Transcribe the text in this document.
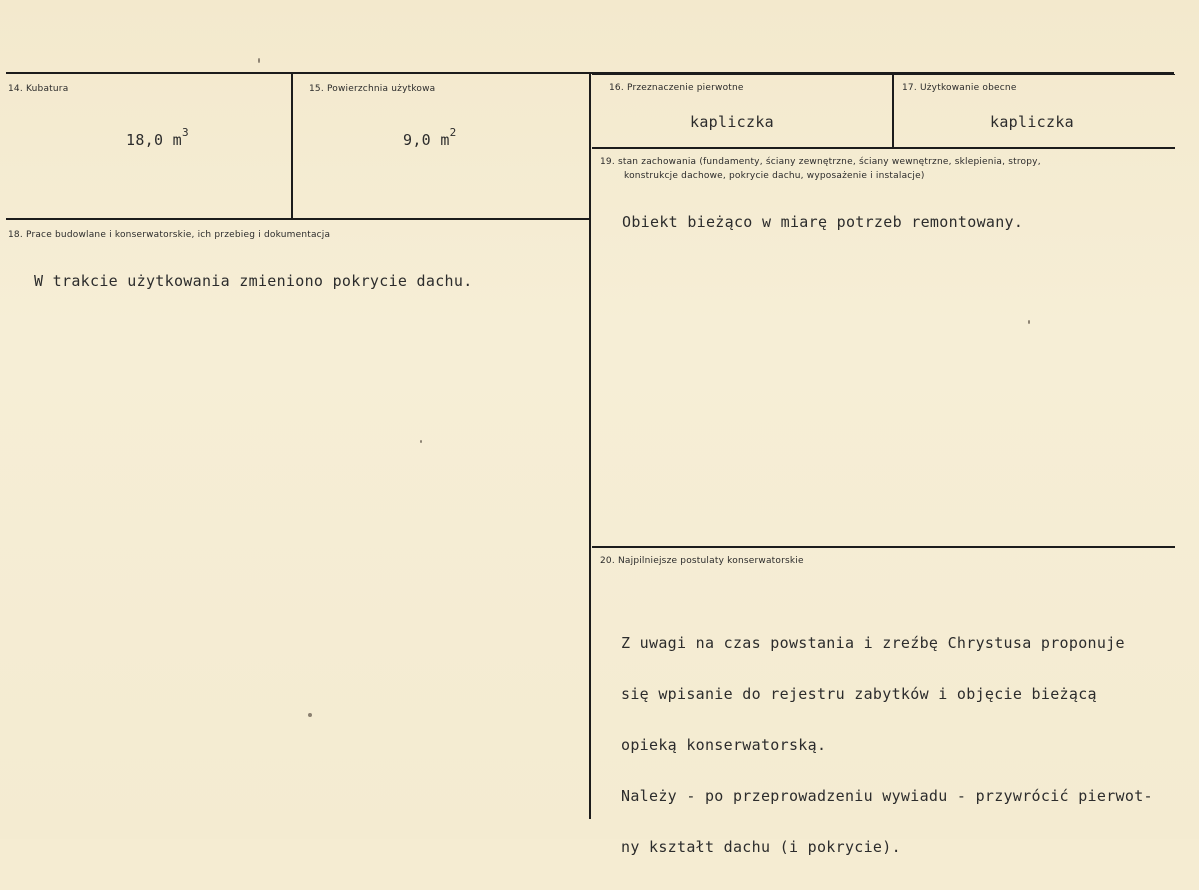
14. Kubatura
18,0 $m^3$
15. Powierzchnia użytkowa
9,0 $m^2$
16. Przeznaczenie pierwotne
kapliczka
17. Użytkowanie obecne
kapliczka
18. Prace budowlane i konserwatorskie, ich przebieg i dokumentacja
W trakcie użytkowania zmieniono pokrycie dachu.
19. stan zachowania (fundamenty, ściany zewnętrzne, ściany wewnętrzne, sklepienia, stropy,
konstrukcje dachowe, pokrycie dachu, wyposażenie i instalacje)
Obiekt bieżąco w miarę potrzeb remontowany.
20. Najpilniejsze postulaty konserwatorskie

Z uwagi na czas powstania i zreźbę Chrystusa proponuje

się wpisanie do rejestru zabytków i objęcie bieżącą

opieką konserwatorską.

Należy - po przeprowadzeniu wywiadu - przywrócić pierwot-

ny kształt dachu (i pokrycie).
